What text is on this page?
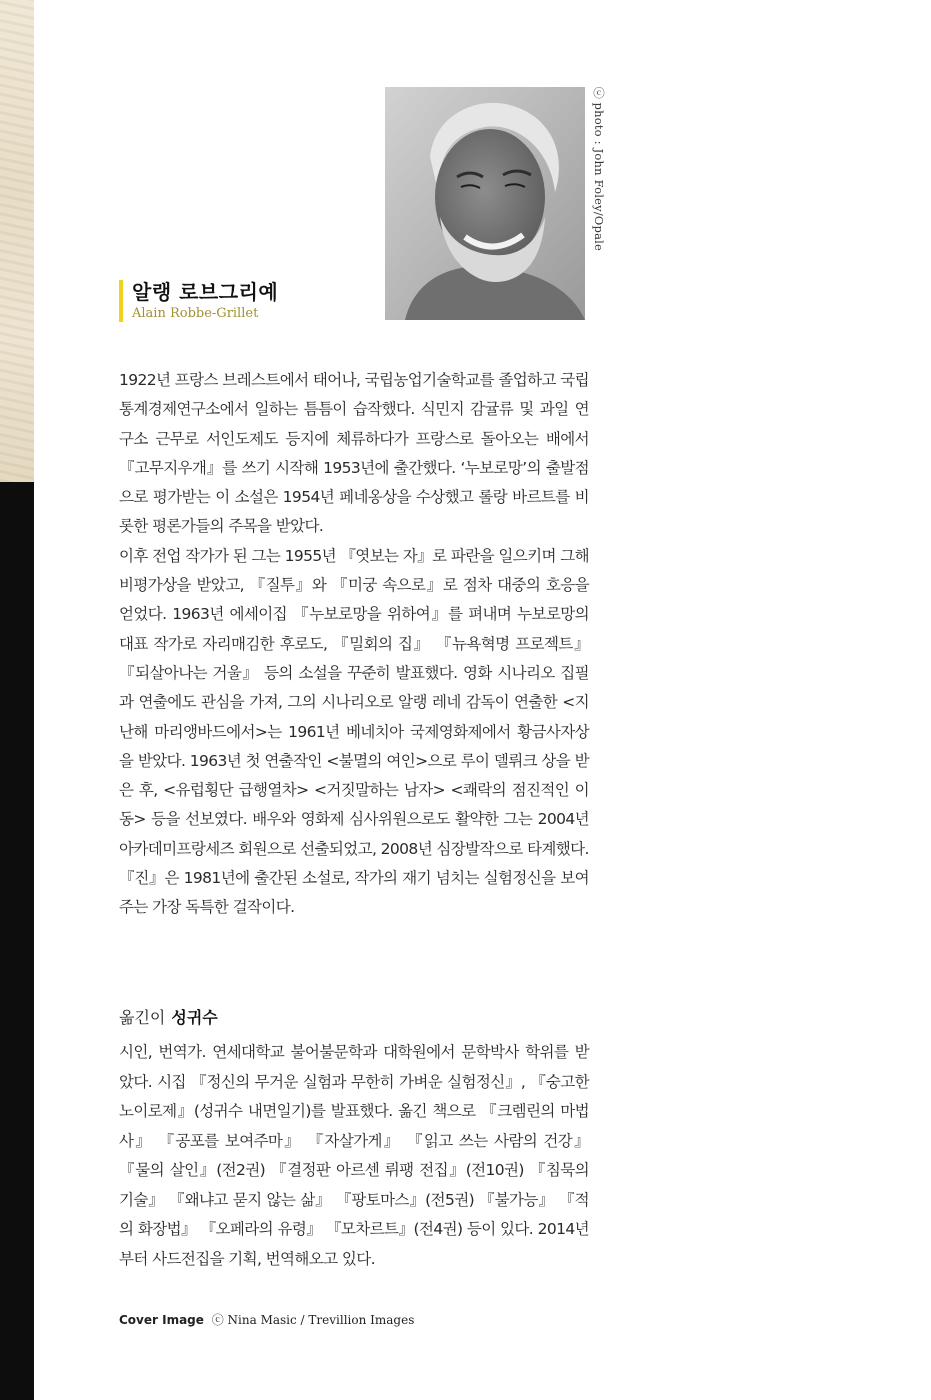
ⓒ photo : John Foley/Opale
알랭 로브그리예
Alain Robbe-Grillet

1922년 프랑스 브레스트에서 태어나, 국립농업기술학교를 졸업하고 국립통계경제연구소에서 일하는 틈틈이 습작했다. 식민지 감귤류 및 과일 연구소 근무로 서인도제도 등지에 체류하다가 프랑스로 돌아오는 배에서 『고무지우개』를 쓰기 시작해 1953년에 출간했다. ‘누보로망’의 출발점으로 평가받는 이 소설은 1954년 페네옹상을 수상했고 롤랑 바르트를 비롯한 평론가들의 주목을 받았다.

이후 전업 작가가 된 그는 1955년 『엿보는 자』로 파란을 일으키며 그해 비평가상을 받았고, 『질투』와 『미궁 속으로』로 점차 대중의 호응을 얻었다. 1963년 에세이집 『누보로망을 위하여』를 펴내며 누보로망의 대표 작가로 자리매김한 후로도, 『밀회의 집』 『뉴욕혁명 프로젝트』 『되살아나는 거울』 등의 소설을 꾸준히 발표했다. 영화 시나리오 집필과 연출에도 관심을 가져, 그의 시나리오로 알랭 레네 감독이 연출한 <지난해 마리앵바드에서>는 1961년 베네치아 국제영화제에서 황금사자상을 받았다. 1963년 첫 연출작인 <불멸의 여인>으로 루이 델뤼크 상을 받은 후, <유럽횡단 급행열차> <거짓말하는 남자> <쾌락의 점진적인 이동> 등을 선보였다. 배우와 영화제 심사위원으로도 활약한 그는 2004년 아카데미프랑세즈 회원으로 선출되었고, 2008년 심장발작으로 타계했다.

『진』은 1981년에 출간된 소설로, 작가의 재기 넘치는 실험정신을 보여주는 가장 독특한 걸작이다.

옮긴이 성귀수

시인, 번역가. 연세대학교 불어불문학과 대학원에서 문학박사 학위를 받았다. 시집 『정신의 무거운 실험과 무한히 가벼운 실험정신』, 『숭고한 노이로제』(성귀수 내면일기)를 발표했다. 옮긴 책으로 『크렘린의 마법사』 『공포를 보여주마』 『자살가게』 『읽고 쓰는 사람의 건강』 『물의 살인』(전2권) 『결정판 아르센 뤼팽 전집』(전10권) 『침묵의 기술』 『왜냐고 묻지 않는 삶』 『팡토마스』(전5권) 『불가능』 『적의 화장법』 『오페라의 유령』 『모차르트』(전4권) 등이 있다. 2014년부터 사드전집을 기획, 번역해오고 있다.

Cover Image ⓒ Nina Masic / Trevillion Images
